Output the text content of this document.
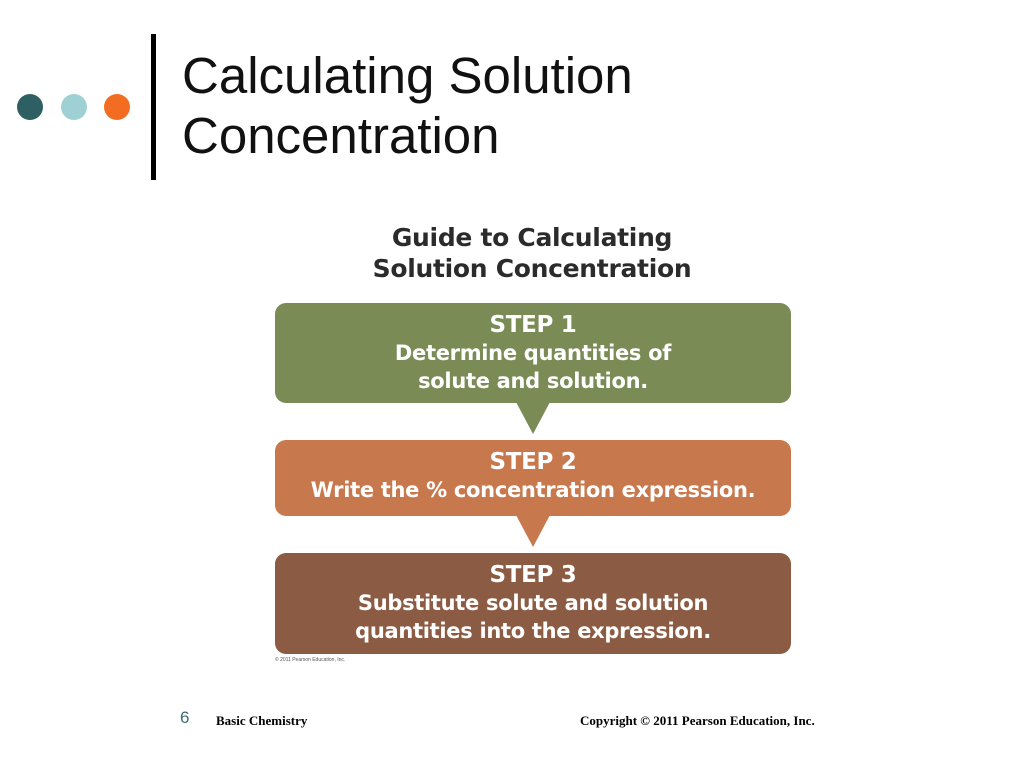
Calculating Solution
Concentration
Guide to Calculating
Solution Concentration
STEP 1
Determine quantities of
solute and solution.
STEP 2
Write the % concentration expression.
STEP 3
Substitute solute and solution
quantities into the expression.
© 2011 Pearson Education, Inc.
6 Basic Chemistry	Copyright © 2011 Pearson Education, Inc.
